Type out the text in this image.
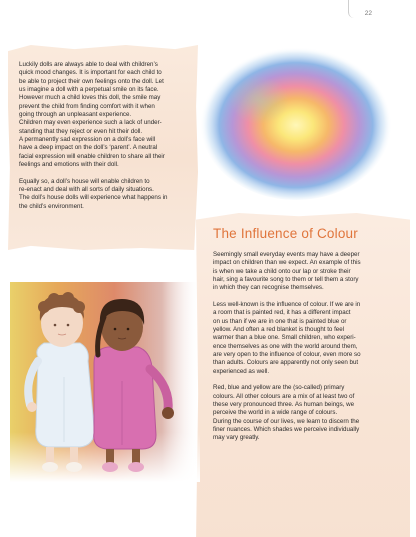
22

Luckily dolls are always able to deal with children’s
quick mood changes. It is important for each child to
be able to project their own feelings onto the doll. Let
us imagine a doll with a perpetual smile on its face.
However much a child loves this doll, the smile may
prevent the child from finding comfort with it when
going through an unpleasant experience.
Children may even experience such a lack of under-
standing that they reject or even hit their doll.
A permanently sad expression on a doll’s face will
have a deep impact on the doll’s ‘parent’. A neutral
facial expression will enable children to share all their
feelings and emotions with their doll.

Equally so, a doll’s house will enable children to
re-enact and deal with all sorts of daily situations.
The doll’s house dolls will experience what happens in
the child’s environment.

The Influence of Colour

Seemingly small everyday events may have a deeper
impact on children than we expect. An example of this
is when we take a child onto our lap or stroke their
hair, sing a favourite song to them or tell them a story
in which they can recognise themselves.

Less well-known is the influence of colour. If we are in
a room that is painted red, it has a different impact
on us than if we are in one that is painted blue or
yellow. And often a red blanket is thought to feel
warmer than a blue one. Small children, who experi-
ence themselves as one with the world around them,
are very open to the influence of colour, even more so
than adults. Colours are apparently not only seen but
experienced as well.

Red, blue and yellow are the (so-called) primary
colours. All other colours are a mix of at least two of
these very pronounced three. As human beings, we
perceive the world in a wide range of colours.
During the course of our lives, we learn to discern the
finer nuances. Which shades we perceive individually
may vary greatly.
